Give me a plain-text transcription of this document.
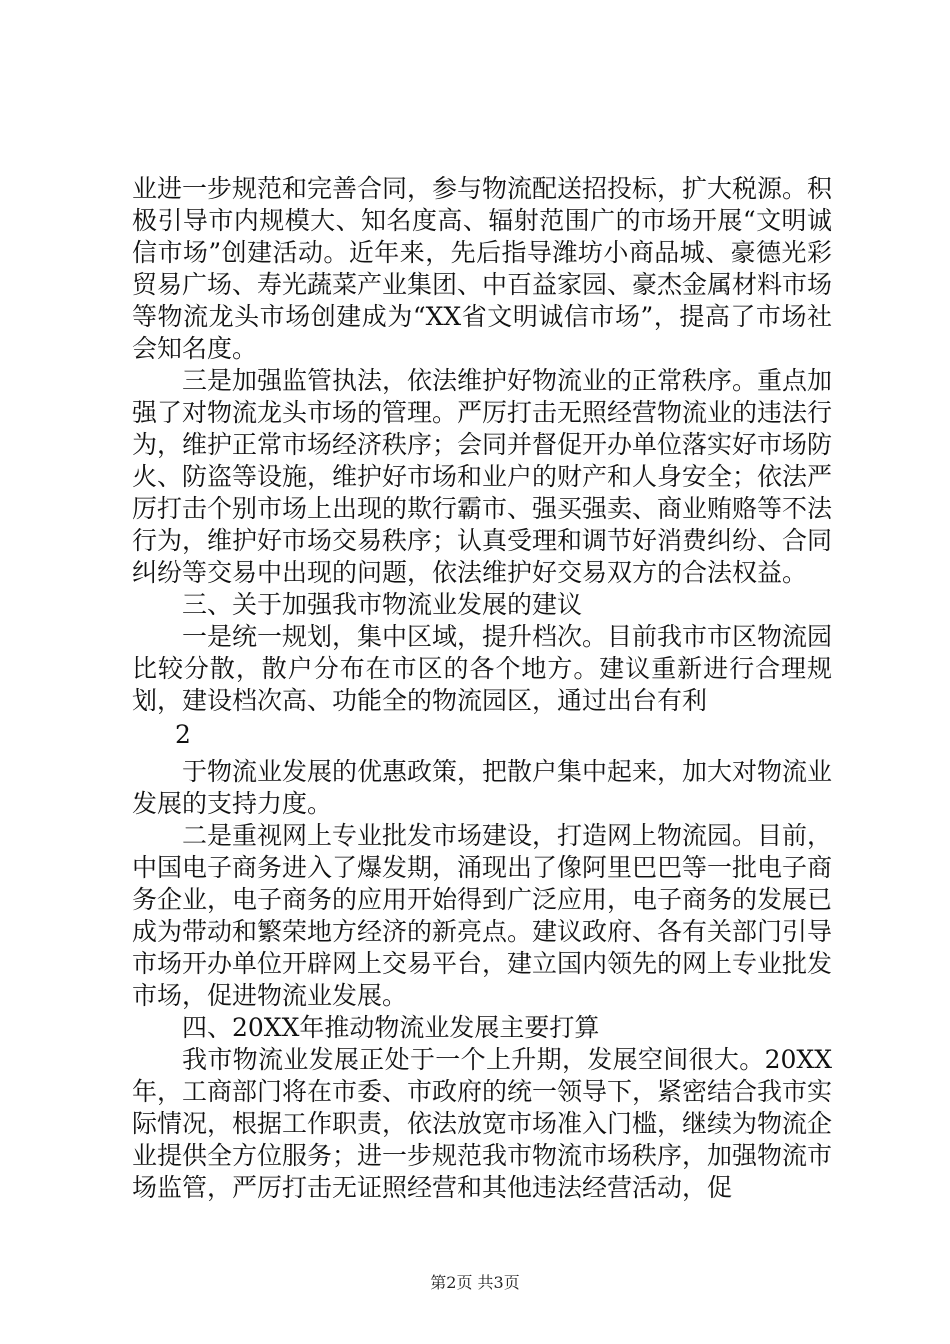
业进一步规范和完善合同，参与物流配送招投标，扩大税源。积极引导市内规模大、知名度高、辐射范围广的市场开展“文明诚信市场”创建活动。近年来，先后指导潍坊小商品城、豪德光彩贸易广场、寿光蔬菜产业集团、中百益家园、豪杰金属材料市场等物流龙头市场创建成为“XX省文明诚信市场”，提高了市场社会知名度。

三是加强监管执法，依法维护好物流业的正常秩序。重点加强了对物流龙头市场的管理。严厉打击无照经营物流业的违法行为，维护正常市场经济秩序；会同并督促开办单位落实好市场防火、防盗等设施，维护好市场和业户的财产和人身安全；依法严厉打击个别市场上出现的欺行霸市、强买强卖、商业贿赂等不法行为，维护好市场交易秩序；认真受理和调节好消费纠纷、合同纠纷等交易中出现的问题，依法维护好交易双方的合法权益。

三、关于加强我市物流业发展的建议

一是统一规划，集中区域，提升档次。目前我市市区物流园比较分散，散户分布在市区的各个地方。建议重新进行合理规划，建设档次高、功能全的物流园区，通过出台有利

2

于物流业发展的优惠政策，把散户集中起来，加大对物流业发展的支持力度。

二是重视网上专业批发市场建设，打造网上物流园。目前，中国电子商务进入了爆发期，涌现出了像阿里巴巴等一批电子商务企业，电子商务的应用开始得到广泛应用，电子商务的发展已成为带动和繁荣地方经济的新亮点。建议政府、各有关部门引导市场开办单位开辟网上交易平台，建立国内领先的网上专业批发市场，促进物流业发展。

四、20XX年推动物流业发展主要打算

我市物流业发展正处于一个上升期，发展空间很大。20XX年，工商部门将在市委、市政府的统一领导下，紧密结合我市实际情况，根据工作职责，依法放宽市场准入门槛，继续为物流企业提供全方位服务；进一步规范我市物流市场秩序，加强物流市场监管，严厉打击无证照经营和其他违法经营活动，促

第2页 共3页
